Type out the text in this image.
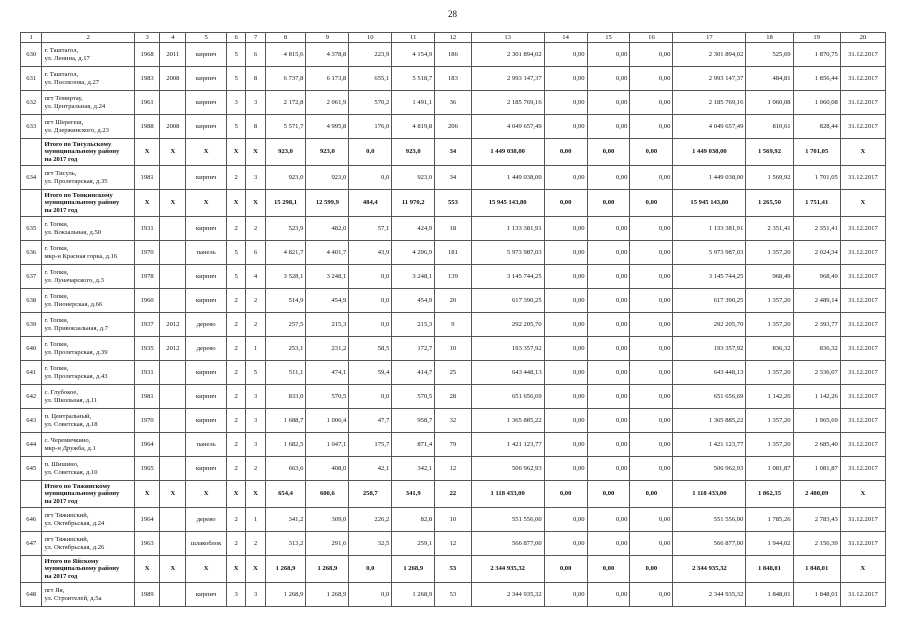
28
1	2	3	4	5	6	7	8	9	10	11	12	13	14	15	16	17	18	19	20
630	г. Таштагол,
ул. Ленина, д.17	1968	2011	кирпич	5	6	4 815,6	4 378,8	223,9	4 154,9	186	2 301 894,02	0,00	0,00	0,00	2 301 894,02	525,69	1 870,75	31.12.2017
631	г. Таштагол,
ул. Поспелова, д.27	1983	2008	кирпич	5	8	6 737,8	6 173,8	655,1	5 518,7	183	2 993 147,37	0,00	0,00	0,00	2 993 147,37	484,81	1 856,44	31.12.2017
632	пгт Темиртау,
ул. Центральная, д.24	1961		кирпич	3	3	2 172,8	2 061,9	570,2	1 491,1	36	2 185 769,16	0,00	0,00	0,00	2 185 769,16	1 060,08	1 060,08	31.12.2017
633	пгт Шерегеш,
ул. Дзержинского, д.23	1988	2008	кирпич	5	8	5 571,7	4 995,8	176,0	4 819,8	206	4 049 657,49	0,00	0,00	0,00	4 049 657,49	810,61	828,44	31.12.2017

	Итого по Тисульскому
муниципальному району
на 2017 год	X	X	X	X	X	923,0	923,0	0,0	923,0	34	1 449 038,00	0,00	0,00	0,00	1 449 038,00	1 569,92	1 701,05	X
634	пгт Тисуль,
ул. Пролетарская, д.35	1981		кирпич	2	3	923,0	923,0	0,0	923,0	34	1 449 038,00	0,00	0,00	0,00	1 449 038,00	1 569,92	1 701,05	31.12.2017

	Итого по Топкинскому
муниципальному району
на 2017 год	X	X	X	X	X	15 298,1	12 599,9	484,4	11 970,2	553	15 945 143,80	0,00	0,00	0,00	15 945 143,80	1 265,50	1 751,41	X
635	г. Топки,
ул. Вокзальная, д.50	1931		кирпич	2	2	523,9	482,0	57,1	424,9	18	1 133 381,91	0,00	0,00	0,00	1 133 381,91	2 351,41	2 351,41	31.12.2017
636	г. Топки,
мкр-н Красная горка, д.16	1970		панель	5	6	4 821,7	4 401,7	43,9	4 296,9	181	5 973 987,03	0,00	0,00	0,00	5 973 987,03	1 357,20	2 024,34	31.12.2017
637	г. Топки,
ул. Луначарского, д.3	1978		кирпич	5	4	3 528,1	3 248,1	0,0	3 248,1	139	3 145 744,25	0,00	0,00	0,00	3 145 744,25	968,49	968,49	31.12.2017
638	г. Топки,
ул. Пионерская, д.66	1960		кирпич	2	2	514,9	454,9	0,0	454,9	20	617 390,25	0,00	0,00	0,00	617 390,25	1 357,20	2 489,14	31.12.2017
639	г. Топки,
ул. Привокзальная, д.7	1937	2012	дерево	2	2	257,5	215,3	0,0	215,3	9	292 205,70	0,00	0,00	0,00	292 205,70	1 357,20	2 393,77	31.12.2017
640	г. Топки,
ул. Пролетарская, д.39	1935	2012	дерево	2	1	253,1	231,2	58,5	172,7	10	193 357,92	0,00	0,00	0,00	193 357,92	836,32	836,32	31.12.2017
641	г. Топки,
ул. Пролетарская, д.43	1931		кирпич	2	5	511,1	474,1	59,4	414,7	25	643 448,13	0,00	0,00	0,00	643 448,13	1 357,20	2 336,07	31.12.2017
642	с. Глубокое,
ул. Школьная, д.11	1981		кирпич	2	3	833,0	570,5	0,0	570,5	28	651 656,69	0,00	0,00	0,00	651 656,69	1 142,26	1 142,26	31.12.2017
643	п. Центральный,
ул. Советская, д.18	1970		кирпич	2	3	1 688,7	1 006,4	47,7	958,7	32	1 365 885,22	0,00	0,00	0,00	1 365 885,22	1 357,20	1 965,69	31.12.2017
644	с. Черемичкино,
мкр-н Дружба, д.1	1964		панель	2	3	1 682,5	1 047,1	175,7	871,4	79	1 421 123,77	0,00	0,00	0,00	1 421 123,77	1 357,20	2 685,40	31.12.2017
645	п. Шишино,
ул. Советская, д.10	1965		кирпич	2	2	663,6	408,0	42,1	342,1	12	506 962,93	0,00	0,00	0,00	506 962,93	1 081,87	1 081,87	31.12.2017

	Итого по Тяжинскому
муниципальному району
на 2017 год	X	X	X	X	X	654,4	600,6	258,7	341,9	22	1 118 433,00	0,00	0,00	0,00	1 118 433,00	1 862,35	2 480,09	X
646	пгт Тяжинский,
ул. Октябрьская, д.24	1964		дерево	2	1	341,2	309,0	226,2	82,8	10	551 556,00	0,00	0,00	0,00	551 556,00	1 785,26	2 783,43	31.12.2017
647	пгт Тяжинский,
ул. Октябрьская, д.26	1963		шлакоблок	2	2	313,2	291,6	32,5	259,1	12	566 877,00	0,00	0,00	0,00	566 877,00	1 944,02	2 156,39	31.12.2017

	Итого по Яйскому
муниципальному району
на 2017 год	X	X	X	X	X	1 268,9	1 268,9	0,0	1 268,9	53	2 344 935,32	0,00	0,00	0,00	2 344 935,32	1 848,01	1 848,01	X
648	пгт Яя,
ул. Строителей, д.5а	1989		кирпич	3	3	1 268,9	1 268,9	0,0	1 268,9	53	2 344 935,32	0,00	0,00	0,00	2 344 935,32	1 848,01	1 848,01	31.12.2017
